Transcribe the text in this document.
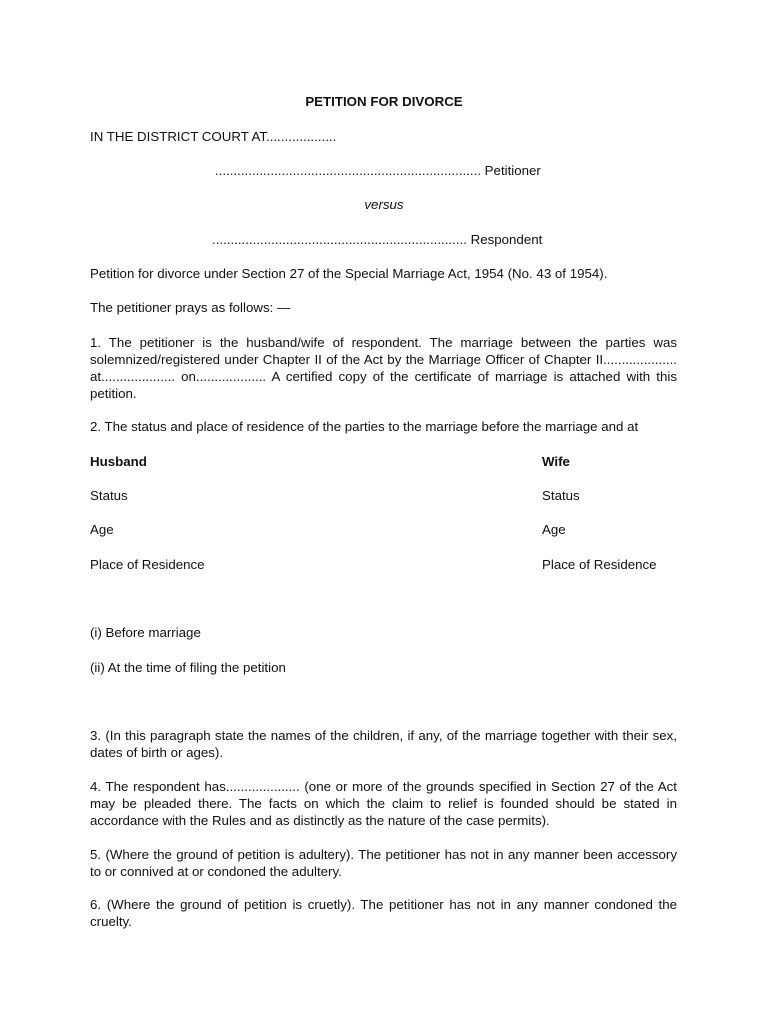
PETITION FOR DIVORCE
IN THE DISTRICT COURT AT...................
........................................................................ Petitioner
versus
..................................................................... Respondent
Petition for divorce under Section 27 of the Special Marriage Act, 1954 (No. 43 of 1954).
The petitioner prays as follows: —
1. The petitioner is the husband/wife of respondent. The marriage between the parties was solemnized/registered under Chapter II of the Act by the Marriage Officer of Chapter II.................... at.................... on................... A certified copy of the certificate of marriage is attached with this petition.
2. The status and place of residence of the parties to the marriage before the marriage and at
Husband	Wife
Status	Status
Age	Age
Place of Residence	Place of Residence
(i) Before marriage
(ii) At the time of filing the petition
3. (In this paragraph state the names of the children, if any, of the marriage together with their sex, dates of birth or ages).
4. The respondent has.................... (one or more of the grounds specified in Section 27 of the Act may be pleaded there. The facts on which the claim to relief is founded should be stated in accordance with the Rules and as distinctly as the nature of the case permits).
5. (Where the ground of petition is adultery). The petitioner has not in any manner been accessory to or connived at or condoned the adultery.
6. (Where the ground of petition is cruetly). The petitioner has not in any manner condoned the cruelty.
